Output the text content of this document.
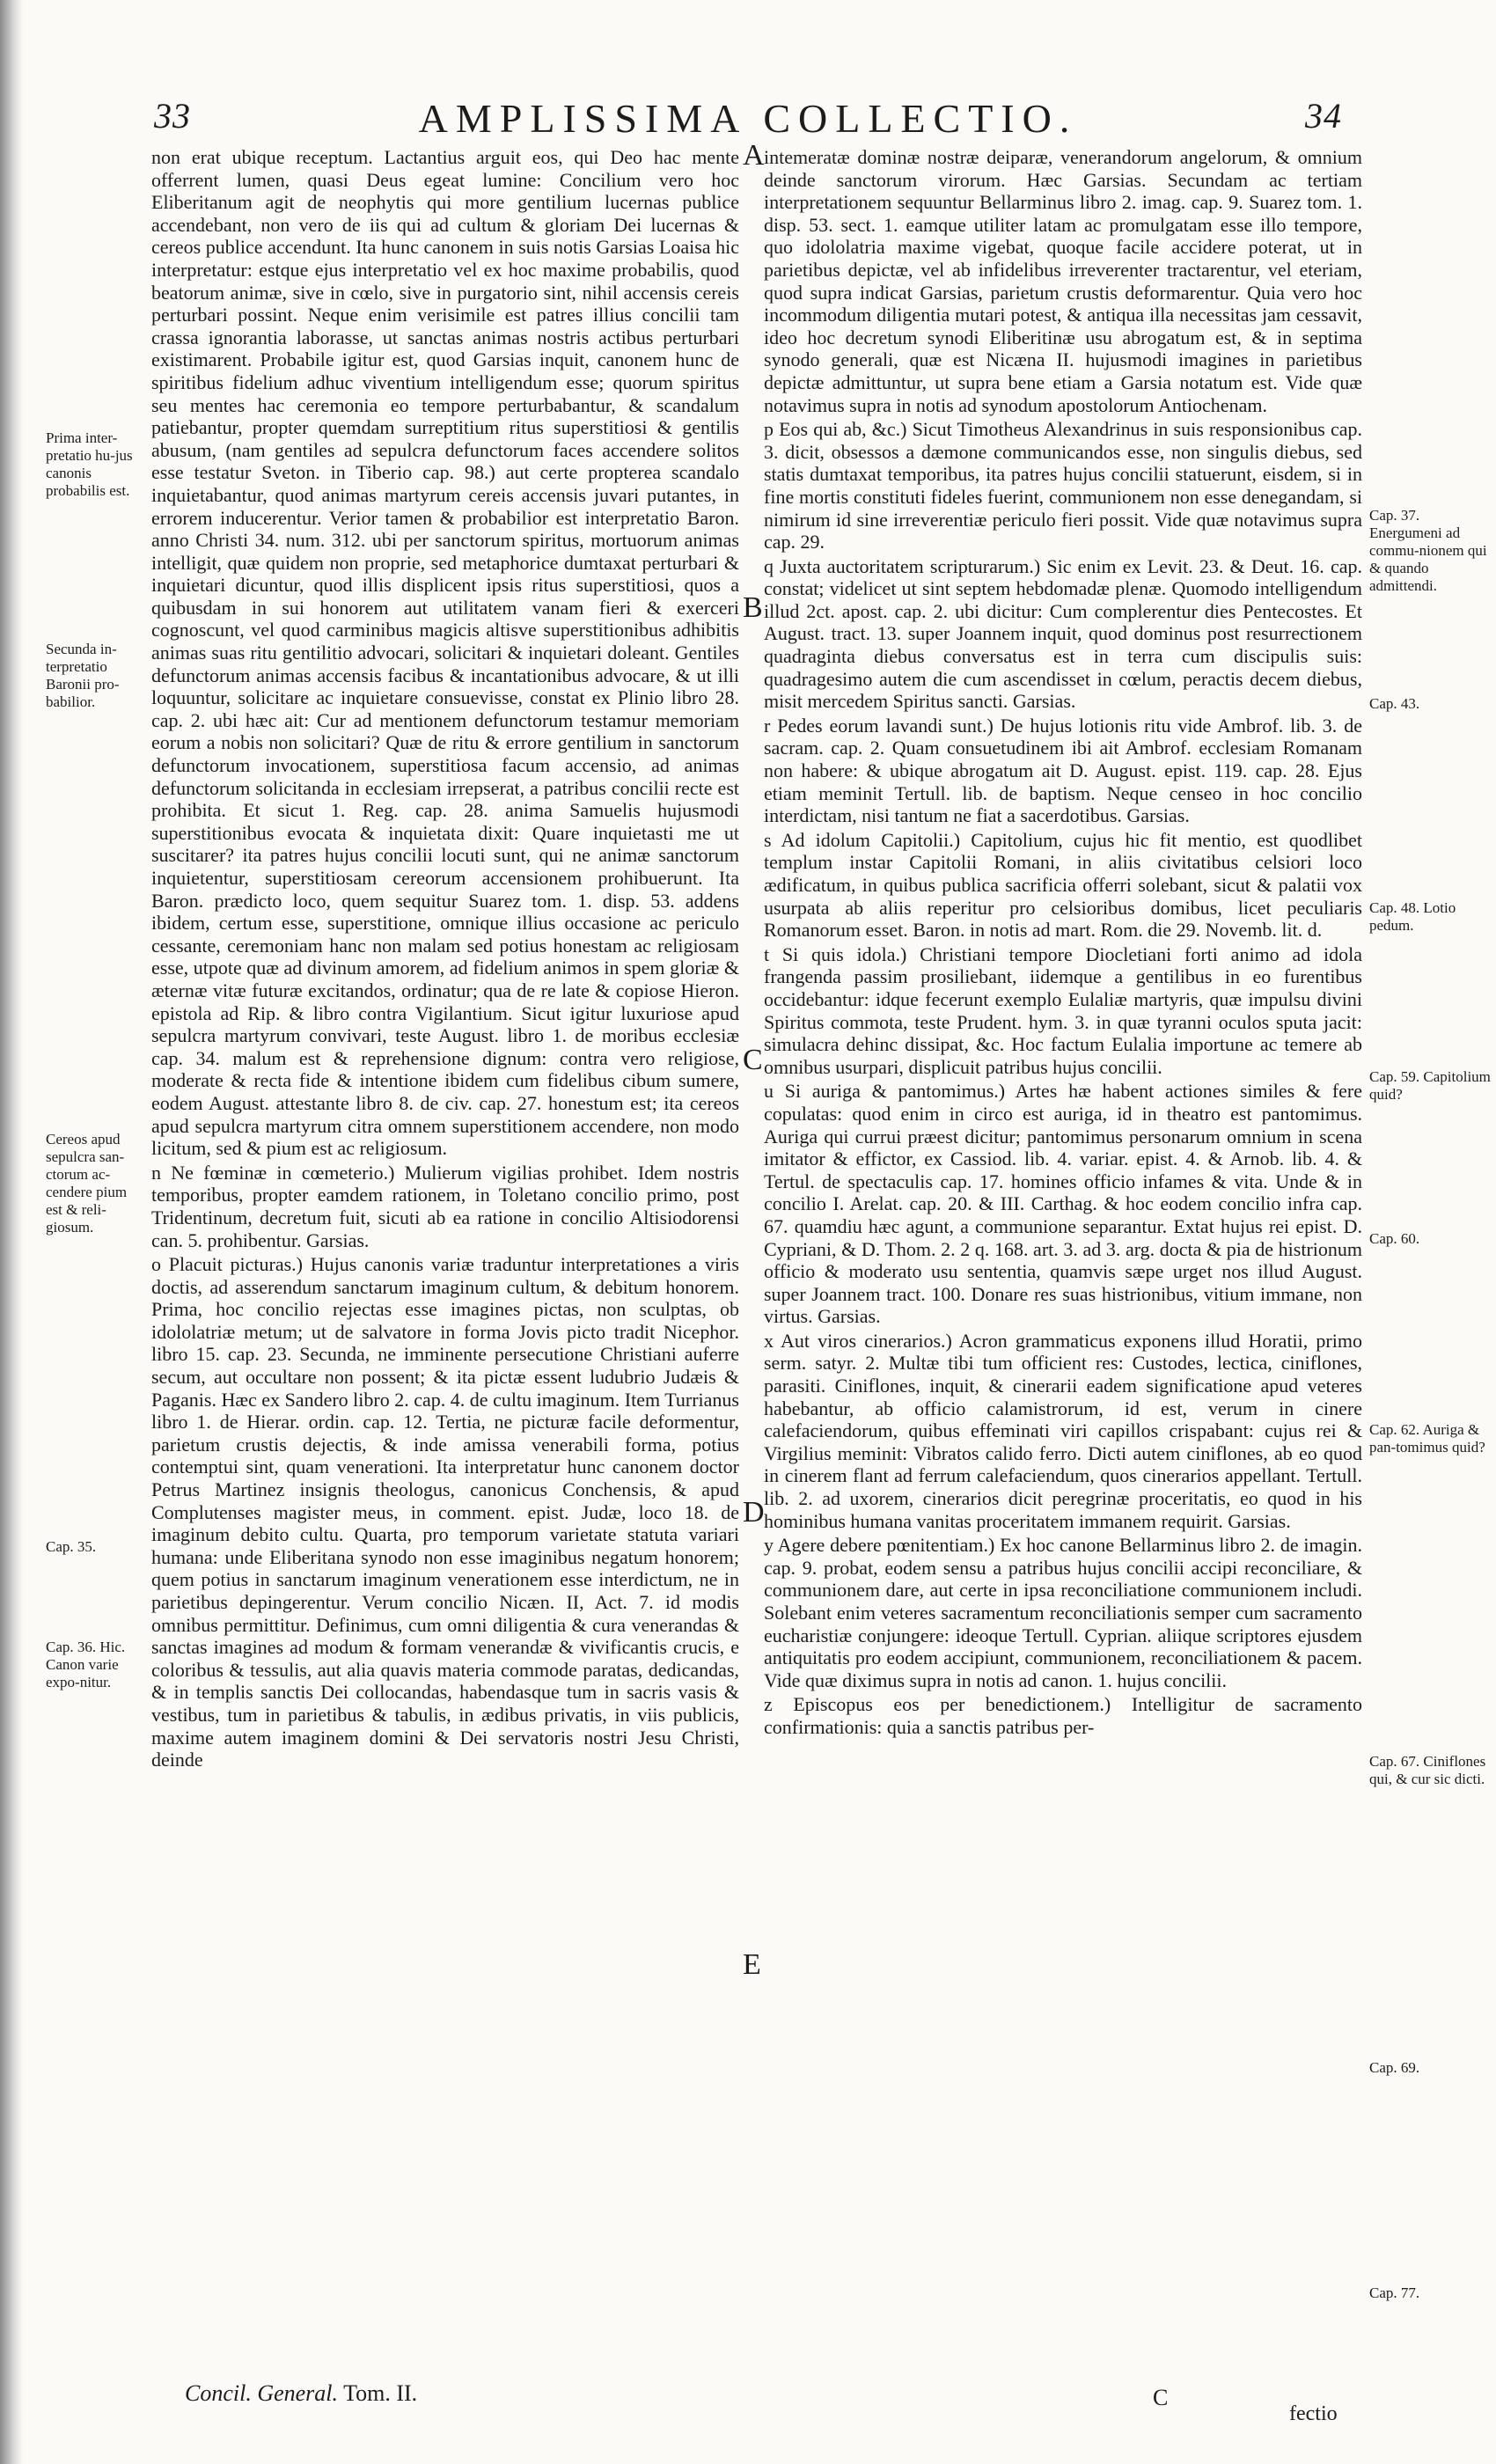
33	AMPLISSIMA COLLECTIO.	34
Prima inter-pretatio hu-jus canonis probabilis est.
Secunda in-terpretatio Baronii pro-babilior.
Cereos apud sepulcra san-ctorum ac-cendere pium est & reli-giosum.
Cap. 35.
Cap. 36. Hic. Canon varie expo-nitur.
Cap. 37. Energumeni ad commu-nionem qui & quando admittendi.
Cap. 43.
Cap. 48. Lotio pedum.
Cap. 59. Capitolium quid?
Cap. 60.
Cap. 62. Auriga & pan-tomimus quid?
Cap. 67. Ciniflones qui, & cur sic dicti.
Cap. 69.
Cap. 77.
A
B
C
D
E

non erat ubique receptum. Lactantius arguit eos, qui Deo hac mente offerrent lumen, quasi Deus egeat lumine: Concilium vero hoc Eliberitanum agit de neophytis qui more gentilium lucernas publice accendebant, non vero de iis qui ad cultum & gloriam Dei lucernas & cereos publice accendunt. Ita hunc canonem in suis notis Garsias Loaisa hic interpretatur: estque ejus interpretatio vel ex hoc maxime probabilis, quod beatorum animæ, sive in cœlo, sive in purgatorio sint, nihil accensis cereis perturbari possint. Neque enim verisimile est patres illius concilii tam crassa ignorantia laborasse, ut sanctas animas nostris actibus perturbari existimarent. Probabile igitur est, quod Garsias inquit, canonem hunc de spiritibus fidelium adhuc viventium intelligendum esse; quorum spiritus seu mentes hac ceremonia eo tempore perturbabantur, & scandalum patiebantur, propter quemdam surreptitium ritus superstitiosi & gentilis abusum, (nam gentiles ad sepulcra defunctorum faces accendere solitos esse testatur Sveton. in Tiberio cap. 98.) aut certe propterea scandalo inquietabantur, quod animas martyrum cereis accensis juvari putantes, in errorem inducerentur. Verior tamen & probabilior est interpretatio Baron. anno Christi 34. num. 312. ubi per sanctorum spiritus, mortuorum animas intelligit, quæ quidem non proprie, sed metaphorice dumtaxat perturbari & inquietari dicuntur, quod illis displicent ipsis ritus superstitiosi, quos a quibusdam in sui honorem aut utilitatem vanam fieri & exerceri cognoscunt, vel quod carminibus magicis altisve superstitionibus adhibitis animas suas ritu gentilitio advocari, solicitari & inquietari doleant. Gentiles defunctorum animas accensis facibus & incantationibus advocare, & ut illi loquuntur, solicitare ac inquietare consuevisse, constat ex Plinio libro 28. cap. 2. ubi hæc ait: Cur ad mentionem defunctorum testamur memoriam eorum a nobis non solicitari? Quæ de ritu & errore gentilium in sanctorum defunctorum invocationem, superstitiosa facum accensio, ad animas defunctorum solicitanda in ecclesiam irrepserat, a patribus concilii recte est prohibita. Et sicut 1. Reg. cap. 28. anima Samuelis hujusmodi superstitionibus evocata & inquietata dixit: Quare inquietasti me ut suscitarer? ita patres hujus concilii locuti sunt, qui ne animæ sanctorum inquietentur, superstitiosam cereorum accensionem prohibuerunt. Ita Baron. prædicto loco, quem sequitur Suarez tom. 1. disp. 53. addens ibidem, certum esse, superstitione, omnique illius occasione ac periculo cessante, ceremoniam hanc non malam sed potius honestam ac religiosam esse, utpote quæ ad divinum amorem, ad fidelium animos in spem gloriæ & æternæ vitæ futuræ excitandos, ordinatur; qua de re late & copiose Hieron. epistola ad Rip. & libro contra Vigilantium. Sicut igitur luxuriose apud sepulcra martyrum convivari, teste August. libro 1. de moribus ecclesiæ cap. 34. malum est & reprehensione dignum: contra vero religiose, moderate & recta fide & intentione ibidem cum fidelibus cibum sumere, eodem August. attestante libro 8. de civ. cap. 27. honestum est; ita cereos apud sepulcra martyrum citra omnem superstitionem accendere, non modo licitum, sed & pium est ac religiosum.

n Ne fœminæ in cœmeterio.) Mulierum vigilias prohibet. Idem nostris temporibus, propter eamdem rationem, in Toletano concilio primo, post Tridentinum, decretum fuit, sicuti ab ea ratione in concilio Altisiodorensi can. 5. prohibentur. Garsias.

o Placuit picturas.) Hujus canonis variæ traduntur interpretationes a viris doctis, ad asserendum sanctarum imaginum cultum, & debitum honorem. Prima, hoc concilio rejectas esse imagines pictas, non sculptas, ob idololatriæ metum; ut de salvatore in forma Jovis picto tradit Nicephor. libro 15. cap. 23. Secunda, ne imminente persecutione Christiani auferre secum, aut occultare non possent; & ita pictæ essent ludubrio Judæis & Paganis. Hæc ex Sandero libro 2. cap. 4. de cultu imaginum. Item Turrianus libro 1. de Hierar. ordin. cap. 12. Tertia, ne picturæ facile deformentur, parietum crustis dejectis, & inde amissa venerabili forma, potius contemptui sint, quam venerationi. Ita interpretatur hunc canonem doctor Petrus Martinez insignis theologus, canonicus Conchensis, & apud Complutenses magister meus, in comment. epist. Judæ, loco 18. de imaginum debito cultu. Quarta, pro temporum varietate statuta variari humana: unde Eliberitana synodo non esse imaginibus negatum honorem; quem potius in sanctarum imaginum venerationem esse interdictum, ne in parietibus depingerentur. Verum concilio Nicæn. II, Act. 7. id modis omnibus permittitur. Definimus, cum omni diligentia & cura venerandas & sanctas imagines ad modum & formam venerandæ & vivificantis crucis, e coloribus & tessulis, aut alia quavis materia commode paratas, dedicandas, & in templis sanctis Dei collocandas, habendasque tum in sacris vasis & vestibus, tum in parietibus & tabulis, in ædibus privatis, in viis publicis, maxime autem imaginem domini & Dei servatoris nostri Jesu Christi, deinde

intemeratæ dominæ nostræ deiparæ, venerandorum angelorum, & omnium deinde sanctorum virorum. Hæc Garsias. Secundam ac tertiam interpretationem sequuntur Bellarminus libro 2. imag. cap. 9. Suarez tom. 1. disp. 53. sect. 1. eamque utiliter latam ac promulgatam esse illo tempore, quo idololatria maxime vigebat, quoque facile accidere poterat, ut in parietibus depictæ, vel ab infidelibus irreverenter tractarentur, vel eteriam, quod supra indicat Garsias, parietum crustis deformarentur. Quia vero hoc incommodum diligentia mutari potest, & antiqua illa necessitas jam cessavit, ideo hoc decretum synodi Eliberitinæ usu abrogatum est, & in septima synodo generali, quæ est Nicæna II. hujusmodi imagines in parietibus depictæ admittuntur, ut supra bene etiam a Garsia notatum est. Vide quæ notavimus supra in notis ad synodum apostolorum Antiochenam.

p Eos qui ab, &c.) Sicut Timotheus Alexandrinus in suis responsionibus cap. 3. dicit, obsessos a dæmone communicandos esse, non singulis diebus, sed statis dumtaxat temporibus, ita patres hujus concilii statuerunt, eisdem, si in fine mortis constituti fideles fuerint, communionem non esse denegandam, si nimirum id sine irreverentiæ periculo fieri possit. Vide quæ notavimus supra cap. 29.

q Juxta auctoritatem scripturarum.) Sic enim ex Levit. 23. & Deut. 16. cap. constat; videlicet ut sint septem hebdomadæ plenæ. Quomodo intelligendum illud 2ct. apost. cap. 2. ubi dicitur: Cum complerentur dies Pentecostes. Et August. tract. 13. super Joannem inquit, quod dominus post resurrectionem quadraginta diebus conversatus est in terra cum discipulis suis: quadragesimo autem die cum ascendisset in cœlum, peractis decem diebus, misit mercedem Spiritus sancti. Garsias.

r Pedes eorum lavandi sunt.) De hujus lotionis ritu vide Ambrof. lib. 3. de sacram. cap. 2. Quam consuetudinem ibi ait Ambrof. ecclesiam Romanam non habere: & ubique abrogatum ait D. August. epist. 119. cap. 28. Ejus etiam meminit Tertull. lib. de baptism. Neque censeo in hoc concilio interdictam, nisi tantum ne fiat a sacerdotibus. Garsias.

s Ad idolum Capitolii.) Capitolium, cujus hic fit mentio, est quodlibet templum instar Capitolii Romani, in aliis civitatibus celsiori loco ædificatum, in quibus publica sacrificia offerri solebant, sicut & palatii vox usurpata ab aliis reperitur pro celsioribus domibus, licet peculiaris Romanorum esset. Baron. in notis ad mart. Rom. die 29. Novemb. lit. d.

t Si quis idola.) Christiani tempore Diocletiani forti animo ad idola frangenda passim prosiliebant, iidemque a gentilibus in eo furentibus occidebantur: idque fecerunt exemplo Eulaliæ martyris, quæ impulsu divini Spiritus commota, teste Prudent. hym. 3. in quæ tyranni oculos sputa jacit: simulacra dehinc dissipat, &c. Hoc factum Eulalia importune ac temere ab omnibus usurpari, displicuit patribus hujus concilii.

u Si auriga & pantomimus.) Artes hæ habent actiones similes & fere copulatas: quod enim in circo est auriga, id in theatro est pantomimus. Auriga qui currui præest dicitur; pantomimus personarum omnium in scena imitator & effictor, ex Cassiod. lib. 4. variar. epist. 4. & Arnob. lib. 4. & Tertul. de spectaculis cap. 17. homines officio infames & vita. Unde & in concilio I. Arelat. cap. 20. & III. Carthag. & hoc eodem concilio infra cap. 67. quamdiu hæc agunt, a communione separantur. Extat hujus rei epist. D. Cypriani, & D. Thom. 2. 2 q. 168. art. 3. ad 3. arg. docta & pia de histrionum officio & moderato usu sententia, quamvis sæpe urget nos illud August. super Joannem tract. 100. Donare res suas histrionibus, vitium immane, non virtus. Garsias.

x Aut viros cinerarios.) Acron grammaticus exponens illud Horatii, primo serm. satyr. 2. Multæ tibi tum officient res: Custodes, lectica, ciniflones, parasiti. Ciniflones, inquit, & cinerarii eadem significatione apud veteres habebantur, ab officio calamistrorum, id est, verum in cinere calefaciendorum, quibus effeminati viri capillos crispabant: cujus rei & Virgilius meminit: Vibratos calido ferro. Dicti autem ciniflones, ab eo quod in cinerem flant ad ferrum calefaciendum, quos cinerarios appellant. Tertull. lib. 2. ad uxorem, cinerarios dicit peregrinæ proceritatis, eo quod in his hominibus humana vanitas proceritatem immanem requirit. Garsias.

y Agere debere pœnitentiam.) Ex hoc canone Bellarminus libro 2. de imagin. cap. 9. probat, eodem sensu a patribus hujus concilii accipi reconciliare, & communionem dare, aut certe in ipsa reconciliatione communionem includi. Solebant enim veteres sacramentum reconciliationis semper cum sacramento eucharistiæ conjungere: ideoque Tertull. Cyprian. aliique scriptores ejusdem antiquitatis pro eodem accipiunt, communionem, reconciliationem & pacem. Vide quæ diximus supra in notis ad canon. 1. hujus concilii.

z Episcopus eos per benedictionem.) Intelligitur de sacramento confirmationis: quia a sanctis patribus per-

Concil. General. Tom. II.	C
fectio
